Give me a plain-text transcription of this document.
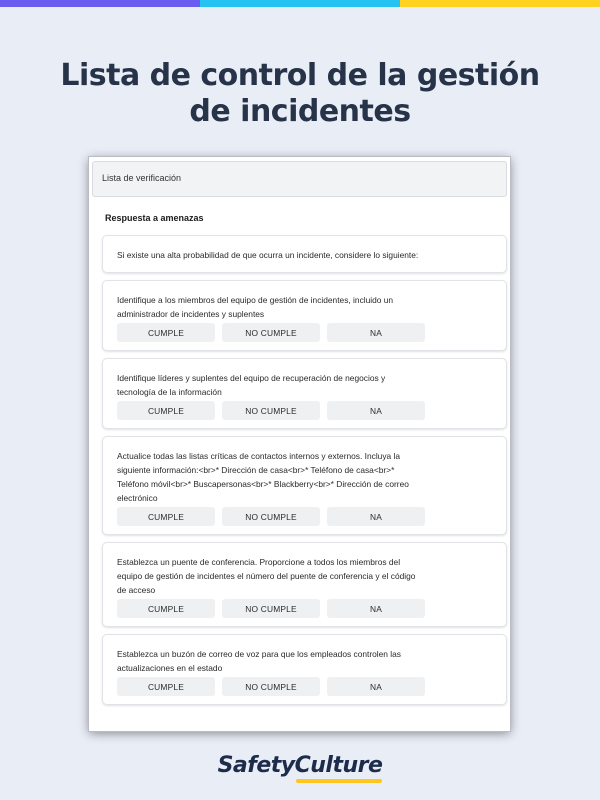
Lista de control de la gestión de incidentes
Lista de verificación
Respuesta a amenazas
Si existe una alta probabilidad de que ocurra un incidente, considere lo siguiente:
Identifique a los miembros del equipo de gestión de incidentes, incluido un administrador de incidentes y suplentes
CUMPLE	NO CUMPLE	NA
Identifique líderes y suplentes del equipo de recuperación de negocios y tecnología de la información
CUMPLE	NO CUMPLE	NA
Actualice todas las listas críticas de contactos internos y externos. Incluya la siguiente información:<br>* Dirección de casa<br>* Teléfono de casa<br>* Teléfono móvil<br>* Buscapersonas<br>* Blackberry<br>* Dirección de correo electrónico
CUMPLE	NO CUMPLE	NA
Establezca un puente de conferencia. Proporcione a todos los miembros del equipo de gestión de incidentes el número del puente de conferencia y el código de acceso
CUMPLE	NO CUMPLE	NA
Establezca un buzón de correo de voz para que los empleados controlen las actualizaciones en el estado
CUMPLE	NO CUMPLE	NA
SafetyCulture
